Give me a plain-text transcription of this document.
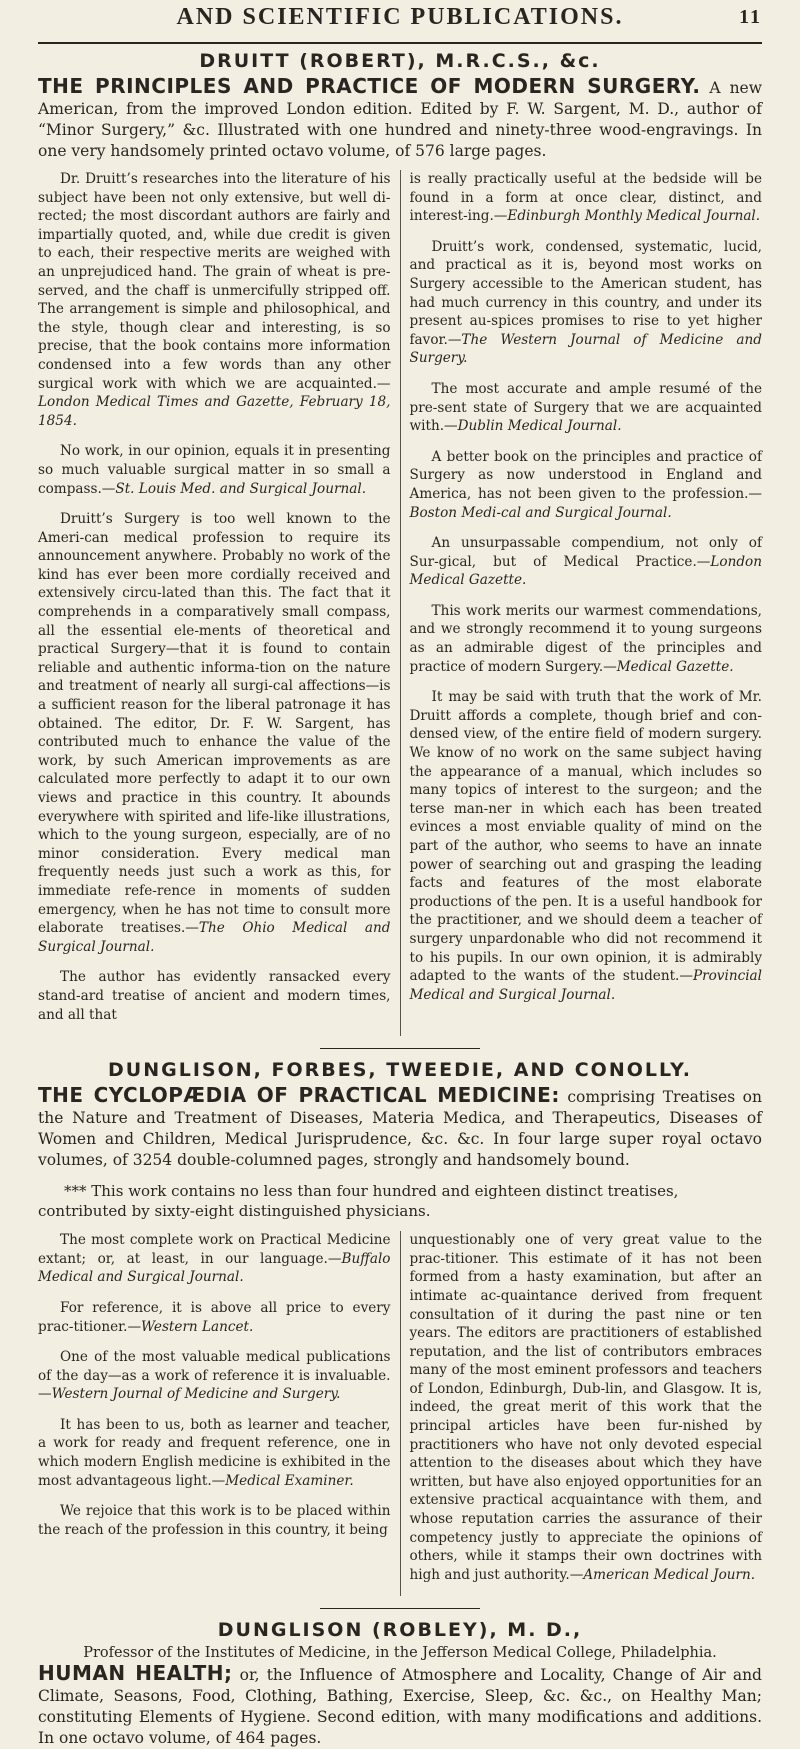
AND SCIENTIFIC PUBLICATIONS.	11
DRUITT (ROBERT), M.R.C.S., &c.

THE PRINCIPLES AND PRACTICE OF MODERN SURGERY. A new American, from the improved London edition. Edited by F. W. Sargent, M. D., author of “Minor Surgery,” &c. Illustrated with one hundred and ninety-three wood-engravings. In one very handsomely printed octavo volume, of 576 large pages.

Dr. Druitt’s researches into the literature of his subject have been not only extensive, but well di-rected; the most discordant authors are fairly and impartially quoted, and, while due credit is given to each, their respective merits are weighed with an unprejudiced hand. The grain of wheat is pre-served, and the chaff is unmercifully stripped off. The arrangement is simple and philosophical, and the style, though clear and interesting, is so precise, that the book contains more information condensed into a few words than any other surgical work with which we are acquainted.—London Medical Times and Gazette, February 18, 1854.

No work, in our opinion, equals it in presenting so much valuable surgical matter in so small a compass.—St. Louis Med. and Surgical Journal.

Druitt’s Surgery is too well known to the Ameri-can medical profession to require its announcement anywhere. Probably no work of the kind has ever been more cordially received and extensively circu-lated than this. The fact that it comprehends in a comparatively small compass, all the essential ele-ments of theoretical and practical Surgery—that it is found to contain reliable and authentic informa-tion on the nature and treatment of nearly all surgi-cal affections—is a sufficient reason for the liberal patronage it has obtained. The editor, Dr. F. W. Sargent, has contributed much to enhance the value of the work, by such American improvements as are calculated more perfectly to adapt it to our own views and practice in this country. It abounds everywhere with spirited and life-like illustrations, which to the young surgeon, especially, are of no minor consideration. Every medical man frequently needs just such a work as this, for immediate refe-rence in moments of sudden emergency, when he has not time to consult more elaborate treatises.—The Ohio Medical and Surgical Journal.

The author has evidently ransacked every stand-ard treatise of ancient and modern times, and all that

is really practically useful at the bedside will be found in a form at once clear, distinct, and interest-ing.—Edinburgh Monthly Medical Journal.

Druitt’s work, condensed, systematic, lucid, and practical as it is, beyond most works on Surgery accessible to the American student, has had much currency in this country, and under its present au-spices promises to rise to yet higher favor.—The Western Journal of Medicine and Surgery.

The most accurate and ample resumé of the pre-sent state of Surgery that we are acquainted with.—Dublin Medical Journal.

A better book on the principles and practice of Surgery as now understood in England and America, has not been given to the profession.—Boston Medi-cal and Surgical Journal.

An unsurpassable compendium, not only of Sur-gical, but of Medical Practice.—London Medical Gazette.

This work merits our warmest commendations, and we strongly recommend it to young surgeons as an admirable digest of the principles and practice of modern Surgery.—Medical Gazette.

It may be said with truth that the work of Mr. Druitt affords a complete, though brief and con-densed view, of the entire field of modern surgery. We know of no work on the same subject having the appearance of a manual, which includes so many topics of interest to the surgeon; and the terse man-ner in which each has been treated evinces a most enviable quality of mind on the part of the author, who seems to have an innate power of searching out and grasping the leading facts and features of the most elaborate productions of the pen. It is a useful handbook for the practitioner, and we should deem a teacher of surgery unpardonable who did not recommend it to his pupils. In our own opinion, it is admirably adapted to the wants of the student.—Provincial Medical and Surgical Journal.

DUNGLISON, FORBES, TWEEDIE, AND CONOLLY.

THE CYCLOPÆDIA OF PRACTICAL MEDICINE: comprising Treatises on the Nature and Treatment of Diseases, Materia Medica, and Therapeutics, Diseases of Women and Children, Medical Jurisprudence, &c. &c. In four large super royal octavo volumes, of 3254 double-columned pages, strongly and handsomely bound.

*** This work contains no less than four hundred and eighteen distinct treatises, contributed by sixty-eight distinguished physicians.

The most complete work on Practical Medicine extant; or, at least, in our language.—Buffalo Medical and Surgical Journal.

For reference, it is above all price to every prac-titioner.—Western Lancet.

One of the most valuable medical publications of the day—as a work of reference it is invaluable.—Western Journal of Medicine and Surgery.

It has been to us, both as learner and teacher, a work for ready and frequent reference, one in which modern English medicine is exhibited in the most advantageous light.—Medical Examiner.

We rejoice that this work is to be placed within the reach of the profession in this country, it being

unquestionably one of very great value to the prac-titioner. This estimate of it has not been formed from a hasty examination, but after an intimate ac-quaintance derived from frequent consultation of it during the past nine or ten years. The editors are practitioners of established reputation, and the list of contributors embraces many of the most eminent professors and teachers of London, Edinburgh, Dub-lin, and Glasgow. It is, indeed, the great merit of this work that the principal articles have been fur-nished by practitioners who have not only devoted especial attention to the diseases about which they have written, but have also enjoyed opportunities for an extensive practical acquaintance with them, and whose reputation carries the assurance of their competency justly to appreciate the opinions of others, while it stamps their own doctrines with high and just authority.—American Medical Journ.

DUNGLISON (ROBLEY), M. D.,
Professor of the Institutes of Medicine, in the Jefferson Medical College, Philadelphia.

HUMAN HEALTH; or, the Influence of Atmosphere and Locality, Change of Air and Climate, Seasons, Food, Clothing, Bathing, Exercise, Sleep, &c. &c., on Healthy Man; constituting Elements of Hygiene. Second edition, with many modifications and additions. In one octavo volume, of 464 pages.
